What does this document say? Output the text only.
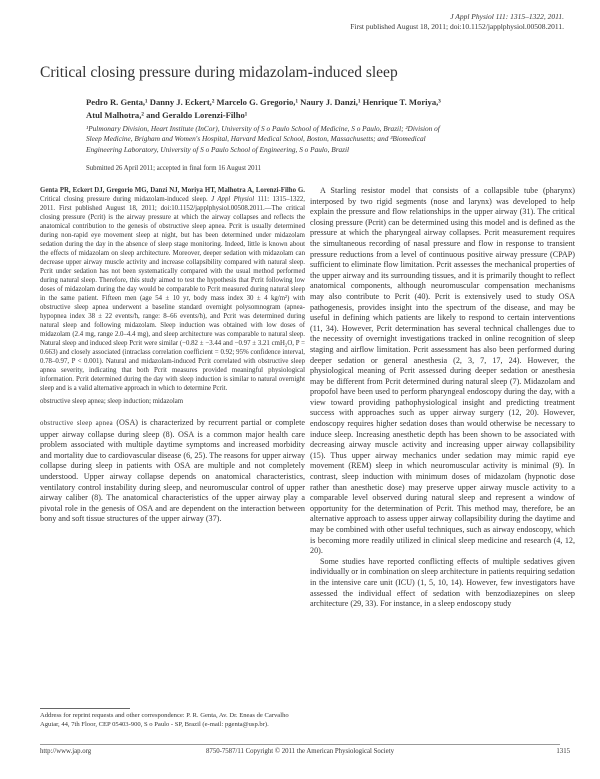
J Appl Physiol 111: 1315–1322, 2011.
First published August 18, 2011; doi:10.1152/japplphysiol.00508.2011.
Critical closing pressure during midazolam-induced sleep
Pedro R. Genta,¹ Danny J. Eckert,² Marcelo G. Gregorio,¹ Naury J. Danzi,¹ Henrique T. Moriya,³
Atul Malhotra,² and Geraldo Lorenzi-Filho¹
¹Pulmonary Division, Heart Institute (InCor), University of S o Paulo School of Medicine, S o Paulo, Brazil; ²Division of
Sleep Medicine, Brigham and Women's Hospital, Harvard Medical School, Boston, Massachusetts; and ³Biomedical
Engineering Laboratory, University of S o Paulo School of Engineering, S o Paulo, Brazil
Submitted 26 April 2011; accepted in final form 16 August 2011

Genta PR, Eckert DJ, Gregorio MG, Danzi NJ, Moriya HT, Malhotra A, Lorenzi-Filho G. Critical closing pressure during midazolam-induced sleep. J Appl Physiol 111: 1315–1322, 2011. First published August 18, 2011; doi:10.1152/japplphysiol.00508.2011.—The critical closing pressure (Pcrit) is the airway pressure at which the airway collapses and reflects the anatomical contribution to the genesis of obstructive sleep apnea. Pcrit is usually determined during non-rapid eye movement sleep at night, but has been determined under midazolam sedation during the day in the absence of sleep stage monitoring. Indeed, little is known about the effects of midazolam on sleep architecture. Moreover, deeper sedation with midazolam can decrease upper airway muscle activity and increase collapsibility compared with natural sleep. Pcrit under sedation has not been systematically compared with the usual method performed during natural sleep. Therefore, this study aimed to test the hypothesis that Pcrit following low doses of midazolam during the day would be comparable to Pcrit measured during natural sleep in the same patient. Fifteen men (age 54 ± 10 yr, body mass index 30 ± 4 kg/m²) with obstructive sleep apnea underwent a baseline standard overnight polysomnogram (apnea-hypopnea index 38 ± 22 events/h, range: 8–66 events/h), and Pcrit was determined during natural sleep and following midazolam. Sleep induction was obtained with low doses of midazolam (2.4 mg, range 2.0–4.4 mg), and sleep architecture was comparable to natural sleep. Natural sleep and induced sleep Pcrit were similar (−0.82 ± −3.44 and −0.97 ± 3.21 cmH₂O, P = 0.663) and closely associated (intraclass correlation coefficient = 0.92; 95% confidence interval, 0.78–0.97, P < 0.001). Natural and midazolam-induced Pcrit correlated with obstructive sleep apnea severity, indicating that both Pcrit measures provided meaningful physiological information. Pcrit determined during the day with sleep induction is similar to natural overnight sleep and is a valid alternative approach in which to determine Pcrit.

obstructive sleep apnea; sleep induction; midazolam

obstructive sleep apnea (OSA) is characterized by recurrent partial or complete upper airway collapse during sleep (8). OSA is a common major health care problem associated with multiple daytime symptoms and increased morbidity and mortality due to cardiovascular disease (6, 25). The reasons for upper airway collapse during sleep in patients with OSA are multiple and not completely understood. Upper airway collapse depends on anatomical characteristics, ventilatory control instability during sleep, and neuromuscular control of upper airway caliber (8). The anatomical characteristics of the upper airway play a pivotal role in the genesis of OSA and are dependent on the interaction between bony and soft tissue structures of the upper airway (37).

A Starling resistor model that consists of a collapsible tube (pharynx) interposed by two rigid segments (nose and larynx) was developed to help explain the pressure and flow relationships in the upper airway (31). The critical closing pressure (Pcrit) can be determined using this model and is defined as the pressure at which the pharyngeal airway collapses. Pcrit measurement requires the simultaneous recording of nasal pressure and flow in response to transient pressure reductions from a level of continuous positive airway pressure (CPAP) sufficient to eliminate flow limitation. Pcrit assesses the mechanical properties of the upper airway and its surrounding tissues, and it is primarily thought to reflect anatomical components, although neuromuscular compensation mechanisms may also contribute to Pcrit (40). Pcrit is extensively used to study OSA pathogenesis, provides insight into the spectrum of the disease, and may be useful in defining which patients are likely to respond to certain interventions (11, 34). However, Pcrit determination has several technical challenges due to the necessity of overnight investigations tracked in online recognition of sleep staging and airflow limitation. Pcrit assessment has also been performed during deeper sedation or general anesthesia (2, 3, 7, 17, 24). However, the physiological meaning of Pcrit assessed during deeper sedation or anesthesia may be different from Pcrit determined during natural sleep (7). Midazolam and propofol have been used to perform pharyngeal endoscopy during the day, with a view toward providing pathophysiological insight and predicting treatment success with approaches such as upper airway surgery (12, 20). However, endoscopy requires higher sedation doses than would otherwise be necessary to induce sleep. Increasing anesthetic depth has been shown to be associated with decreasing airway muscle activity and increasing upper airway collapsibility (15). Thus upper airway mechanics under sedation may mimic rapid eye movement (REM) sleep in which neuromuscular activity is minimal (9). In contrast, sleep induction with minimum doses of midazolam (hypnotic dose rather than anesthetic dose) may preserve upper airway muscle activity to a comparable level observed during natural sleep and represent a window of opportunity for the determination of Pcrit. This method may, therefore, be an alternative approach to assess upper airway collapsibility during the daytime and may be combined with other useful techniques, such as airway endoscopy, which is becoming more readily utilized in clinical sleep medicine and research (4, 12, 20).

Some studies have reported conflicting effects of multiple sedatives given individually or in combination on sleep architecture in patients requiring sedation in the intensive care unit (ICU) (1, 5, 10, 14). However, few investigators have assessed the individual effect of sedation with benzodiazepines on sleep architecture (29, 33). For instance, in a sleep endoscopy study

Address for reprint requests and other correspondence: P. R. Genta, Av. Dr. Eneas de Carvalho Aguiar, 44, 7th Floor, CEP 05403-900, S o Paulo - SP, Brazil (e-mail: pgenta@usp.br).
http://www.jap.org	8750-7587/11 Copyright © 2011 the American Physiological Society	1315
